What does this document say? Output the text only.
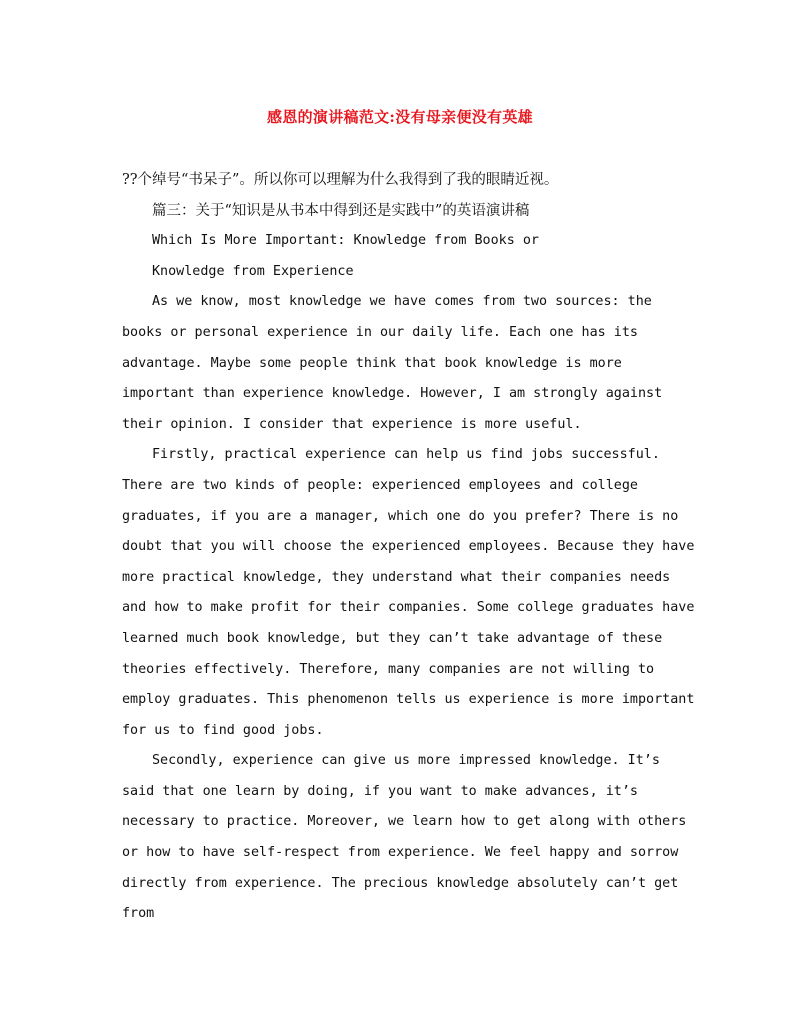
感恩的演讲稿范文:没有母亲便没有英雄
??个绰号“书呆子”。所以你可以理解为什么我得到了我的眼睛近视。
篇三：关于“知识是从书本中得到还是实践中”的英语演讲稿
Which Is More Important: Knowledge from Books or
Knowledge from Experience
As we know, most knowledge we have comes from two sources: the
books or personal experience in our daily life. Each one has its
advantage. Maybe some people think that book knowledge is more
important than experience knowledge. However, I am strongly against
their opinion. I consider that experience is more useful.
Firstly, practical experience can help us find jobs successful.
There are two kinds of people: experienced employees and college
graduates, if you are a manager, which one do you prefer? There is no
doubt that you will choose the experienced employees. Because they have
more practical knowledge, they understand what their companies needs
and how to make profit for their companies. Some college graduates have
learned much book knowledge, but they can’t take advantage of these
theories effectively. Therefore, many companies are not willing to
employ graduates. This phenomenon tells us experience is more important
for us to find good jobs.
Secondly, experience can give us more impressed knowledge. It’s
said that one learn by doing, if you want to make advances, it’s
necessary to practice. Moreover, we learn how to get along with others
or how to have self-respect from experience. We feel happy and sorrow
directly from experience. The precious knowledge absolutely can’t get
from
